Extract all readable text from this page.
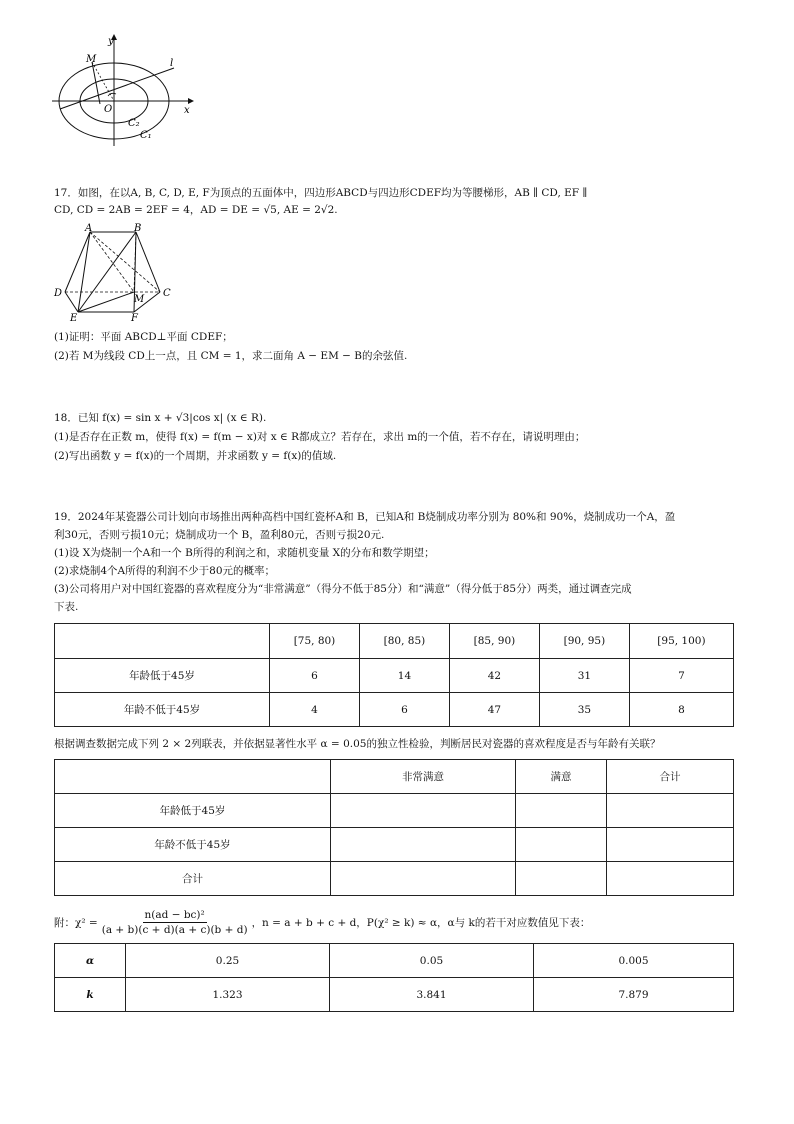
y
x
O
M	l
C₂
C₁
17．如图，在以A, B, C, D, E, F为顶点的五面体中，四边形ABCD与四边形CDEF均为等腰梯形，AB ∥ CD, EF ∥
CD, CD = 2AB = 2EF = 4，AD = DE = √5, AE = 2√2.
A	B
D	C
E	F
M
(1)证明：平面 ABCD⊥平面 CDEF；
(2)若 M为线段 CD上一点，且 CM = 1，求二面角 A − EM − B的余弦值.
18．已知 f(x) = sin x + √3|cos x| (x ∈ R).
(1)是否存在正数 m，使得 f(x) = f(m − x)对 x ∈ R都成立？若存在，求出 m的一个值，若不存在，请说明理由；
(2)写出函数 y = f(x)的一个周期，并求函数 y = f(x)的值域.
19．2024年某瓷器公司计划向市场推出两种高档中国红瓷杯A和 B，已知A和 B烧制成功率分别为 80%和 90%，烧制成功一个A，盈
利30元，否则亏损10元；烧制成功一个 B，盈利80元，否则亏损20元.
(1)设 X为烧制一个A和一个 B所得的利润之和，求随机变量 X的分布和数学期望；
(2)求烧制4个A所得的利润不少于80元的概率；
(3)公司将用户对中国红瓷器的喜欢程度分为“非常满意”（得分不低于85分）和“满意”（得分低于85分）两类，通过调查完成
下表.
	[75, 80)	[80, 85)	[85, 90)	[90, 95)	[95, 100)
年龄低于45岁	6	14	42	31	7
年龄不低于45岁	4	6	47	35	8
根据调查数据完成下列 2 × 2列联表，并依据显著性水平 α = 0.05的独立性检验，判断居民对瓷器的喜欢程度是否与年龄有关联？
	非常满意	满意	合计
年龄低于45岁			
年龄不低于45岁			
合计			
附：$\chi^2 = \frac{\text{n(ad − bc)²}}{(a + b)(c + d)(a + c)(b + d)}$ ，n = a + b + c + d，P(χ² ≥ k) ≈ α，α与 k的若干对应数值见下表：
α	0.25	0.05	0.005
k	1.323	3.841	7.879
